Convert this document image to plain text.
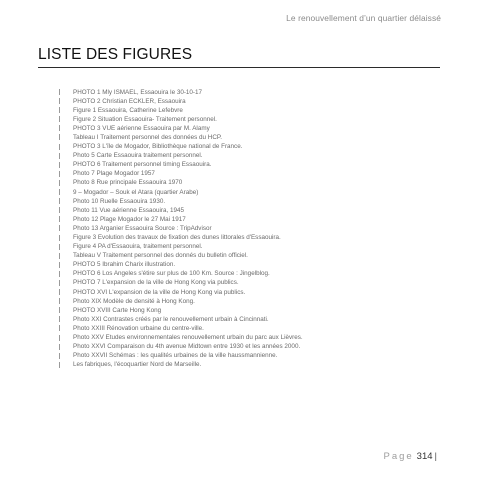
Le renouvellement d’un quartier délaissé
LISTE DES FIGURES
PHOTO 1 Mly ISMAEL, Essaouira le 30-10-17
PHOTO 2 Christian ECKLER, Essaouira
Figure 1 Essaouira, Catherine Lefebvre
Figure 2 Situation Essaouira- Traitement personnel.
PHOTO 3 VUE aérienne Essaouira par M. Alamy
Tableau I Traitement personnel des données du HCP.
PHOTO 3 L'île de Mogador, Bibliothèque national de France.
Photo 5 Carte Essaouira traitement personnel.
PHOTO 6 Traitement personnel timing Essaouira.
Photo 7 Plage Mogador 1957
Photo 8 Rue principale Essaouira 1970
9 – Mogador – Souk el Atara (quartier Arabe)
Photo 10 Ruelle Essaouira 1930.
Photo 11 Vue aérienne Essaouira, 1945
Photo 12 Plage Mogador le 27 Mai 1917
Photo 13 Arganier Essaouira Source : TripAdvisor
Figure 3 Evolution des travaux de fixation des dunes littorales d'Essaouira.
Figure 4 PA d'Essaouira, traitement personnel.
Tableau V Traitement personnel des donnés du bulletin officiel.
PHOTO 5 Ibrahim Charix illustration.
PHOTO 6 Los Angeles s'étire sur plus de 100 Km. Source : Jingelblog.
PHOTO 7 L'expansion de la ville de Hong Kong via publics.
PHOTO XVI L'expansion de la ville de Hong Kong via publics.
Photo XIX Modèle de densité à Hong Kong.
PHOTO XVIII Carte Hong Kong
Photo XXI Contrastes créés par le renouvellement urbain à Cincinnati.
Photo XXIII Rénovation urbaine du centre-ville.
Photo XXV Etudes environnementales renouvellement urbain du parc aux Lièvres.
Photo XXVI Comparaison du 4th avenue Midtown entre 1930 et les années 2000.
Photo XXVII Schémas : les qualités urbaines de la ville haussmannienne.
Les fabriques, l'écoquartier Nord de Marseille.
Page 314 |
